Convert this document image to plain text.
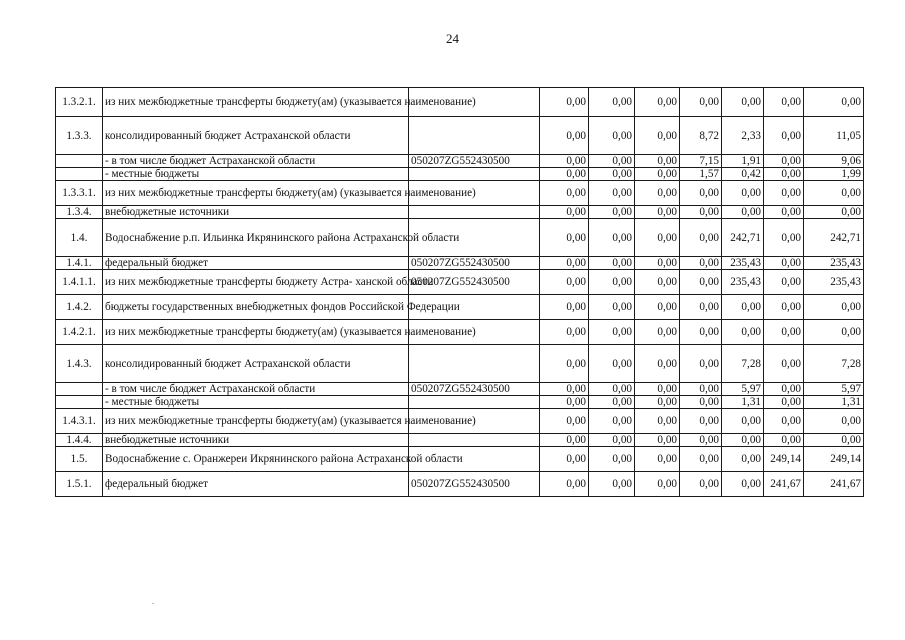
24
1.3.2.1.	из них межбюджетные трансферты бюджету(ам) (указывается наименование)		0,00	0,00	0,00	0,00	0,00	0,00	0,00
1.3.3.	консолидированный бюджет Астраханской области		0,00	0,00	0,00	8,72	2,33	0,00	11,05
	- в том числе бюджет Астраханской области	050207ZG552430500	0,00	0,00	0,00	7,15	1,91	0,00	9,06
	- местные бюджеты		0,00	0,00	0,00	1,57	0,42	0,00	1,99
1.3.3.1.	из них межбюджетные трансферты бюджету(ам) (указывается наименование)		0,00	0,00	0,00	0,00	0,00	0,00	0,00
1.3.4.	внебюджетные источники		0,00	0,00	0,00	0,00	0,00	0,00	0,00
1.4.	Водоснабжение р.п. Ильинка Икрянинского района Астраханской области		0,00	0,00	0,00	0,00	242,71	0,00	242,71
1.4.1.	федеральный бюджет	050207ZG552430500	0,00	0,00	0,00	0,00	235,43	0,00	235,43
1.4.1.1.	из них межбюджетные трансферты бюджету Астра- ханской области	050207ZG552430500	0,00	0,00	0,00	0,00	235,43	0,00	235,43
1.4.2.	бюджеты государственных внебюджетных фондов Российской Федерации		0,00	0,00	0,00	0,00	0,00	0,00	0,00
1.4.2.1.	из них межбюджетные трансферты бюджету(ам) (указывается наименование)		0,00	0,00	0,00	0,00	0,00	0,00	0,00
1.4.3.	консолидированный бюджет Астраханской области		0,00	0,00	0,00	0,00	7,28	0,00	7,28
	- в том числе бюджет Астраханской области	050207ZG552430500	0,00	0,00	0,00	0,00	5,97	0,00	5,97
	- местные бюджеты		0,00	0,00	0,00	0,00	1,31	0,00	1,31
1.4.3.1.	из них межбюджетные трансферты бюджету(ам) (указывается наименование)		0,00	0,00	0,00	0,00	0,00	0,00	0,00
1.4.4.	внебюджетные источники		0,00	0,00	0,00	0,00	0,00	0,00	0,00
1.5.	Водоснабжение с. Оранжереи Икрянинского района Астраханской области		0,00	0,00	0,00	0,00	0,00	249,14	249,14
1.5.1.	федеральный бюджет	050207ZG552430500	0,00	0,00	0,00	0,00	0,00	241,67	241,67
